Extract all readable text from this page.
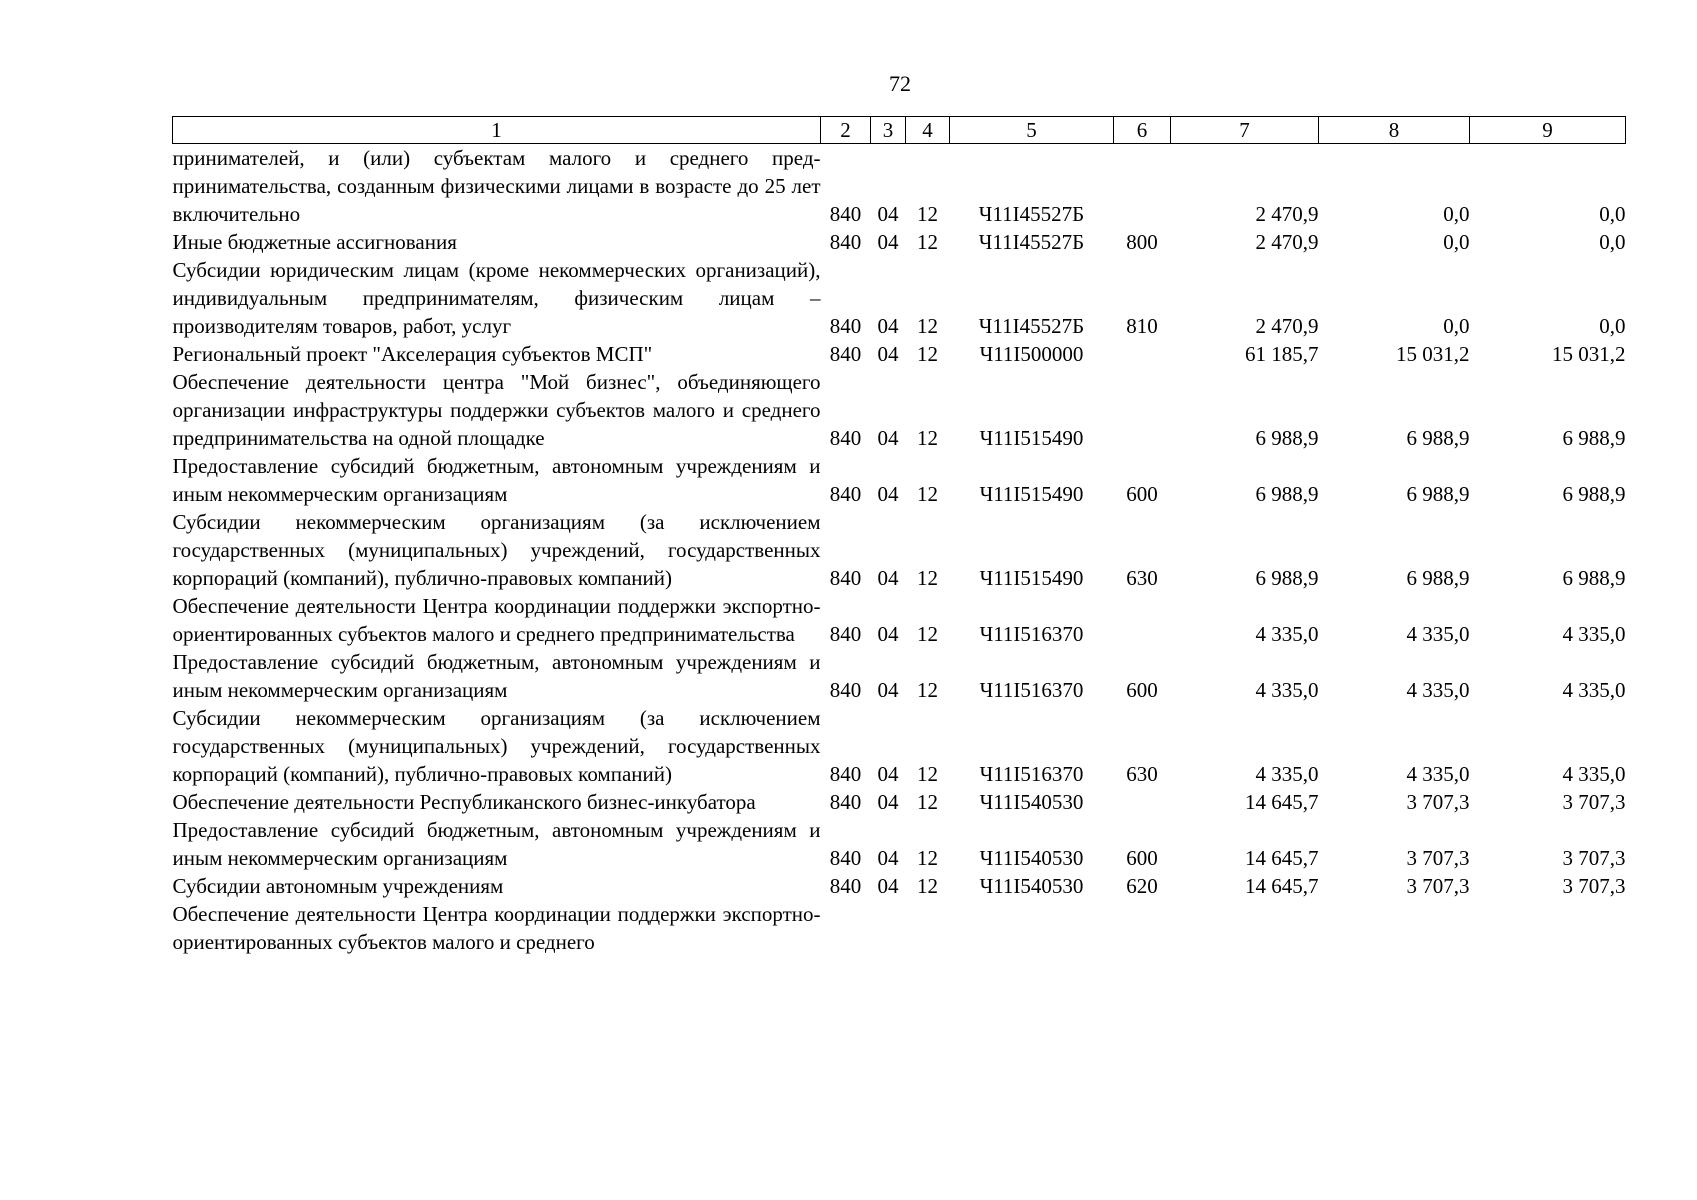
72
1	2	3	4	5	6	7	8	9
принимателей, и (или) субъектам малого и среднего предпринимательства, созданным физическими лицами в возрасте до 25 лет включительно	840	04	12	Ч11I45527Б		2 470,9	0,0	0,0
Иные бюджетные ассигнования	840	04	12	Ч11I45527Б	800	2 470,9	0,0	0,0
Субсидии юридическим лицам (кроме некоммерческих организаций), индивидуальным предпринимателям, физическим лицам – производителям товаров, работ, услуг	840	04	12	Ч11I45527Б	810	2 470,9	0,0	0,0
Региональный проект "Акселерация субъектов МСП"	840	04	12	Ч11I500000		61 185,7	15 031,2	15 031,2
Обеспечение деятельности центра "Мой бизнес", объединяющего организации инфраструктуры поддержки субъектов малого и среднего предпринимательства на одной площадке	840	04	12	Ч11I515490		6 988,9	6 988,9	6 988,9
Предоставление субсидий бюджетным, автономным учреждениям и иным некоммерческим организациям	840	04	12	Ч11I515490	600	6 988,9	6 988,9	6 988,9
Субсидии некоммерческим организациям (за исключением государственных (муниципальных) учреждений, государственных корпораций (компаний), публично-правовых компаний)	840	04	12	Ч11I515490	630	6 988,9	6 988,9	6 988,9
Обеспечение деятельности Центра координации поддержки экспортно-ориентированных субъектов малого и среднего предпринимательства	840	04	12	Ч11I516370		4 335,0	4 335,0	4 335,0
Предоставление субсидий бюджетным, автономным учреждениям и иным некоммерческим организациям	840	04	12	Ч11I516370	600	4 335,0	4 335,0	4 335,0
Субсидии некоммерческим организациям (за исключением государственных (муниципальных) учреждений, государственных корпораций (компаний), публично-правовых компаний)	840	04	12	Ч11I516370	630	4 335,0	4 335,0	4 335,0
Обеспечение деятельности Республиканского бизнес-инкубатора	840	04	12	Ч11I540530		14 645,7	3 707,3	3 707,3
Предоставление субсидий бюджетным, автономным учреждениям и иным некоммерческим организациям	840	04	12	Ч11I540530	600	14 645,7	3 707,3	3 707,3
Субсидии автономным учреждениям	840	04	12	Ч11I540530	620	14 645,7	3 707,3	3 707,3
Обеспечение деятельности Центра координации поддержки экспортно-ориентированных субъектов малого и среднего								
